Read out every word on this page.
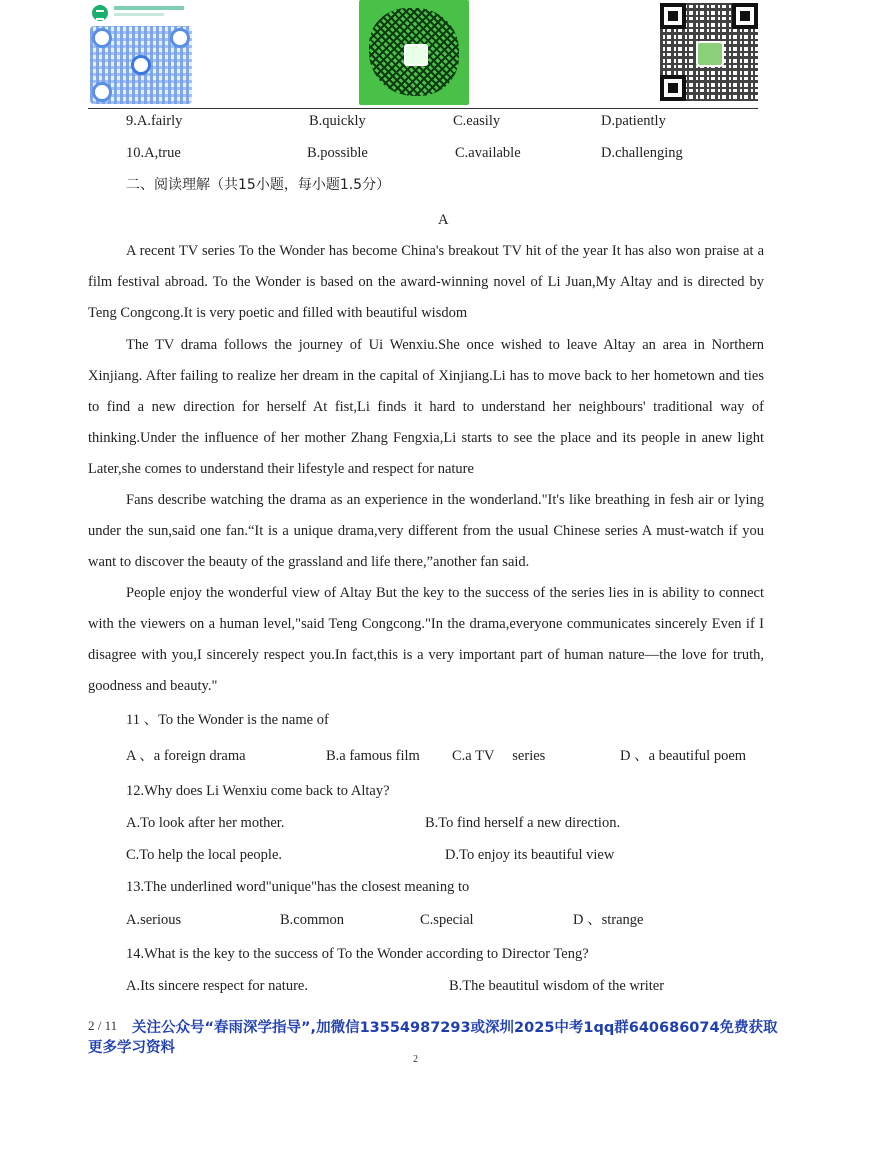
9.A.fairly	B.quickly	C.easily	D.patiently
10.A,true	B.possible	C.available	D.challenging
二、阅读理解（共15小题，每小题1.5分）
A
A recent TV series To the Wonder has become China's breakout TV hit of the year It has also won praise at a film festival abroad. To the Wonder is based on the award-winning novel of Li Juan,My Altay and is directed by Teng Congcong.It is very poetic and filled with beautiful wisdom
The TV drama follows the journey of Ui Wenxiu.She once wished to leave Altay an area in Northern Xinjiang. After failing to realize her dream in the capital of Xinjiang.Li has to move back to her hometown and ties to find a new direction for herself At fist,Li finds it hard to understand her neighbours' traditional way of thinking.Under the influence of her mother Zhang Fengxia,Li starts to see the place and its people in anew light Later,she comes to understand their lifestyle and respect for nature
Fans describe watching the drama as an experience in the wonderland."It's like breathing in fesh air or lying under the sun,said one fan.“It is a unique drama,very different from the usual Chinese series A must-watch if you want to discover the beauty of the grassland and life there,”another fan said.
People enjoy the wonderful view of Altay But the key to the success of the series lies in is ability to connect with the viewers on a human level,"said Teng Congcong."In the drama,everyone communicates sincerely Even if I disagree with you,I sincerely respect you.In fact,this is a very important part of human nature—the love for truth, goodness and beauty."
11 、To the Wonder is the name of
A 、a foreign drama	B.a famous film C.a TV     series	D 、a beautiful poem
12.Why does Li Wenxiu come back to Altay?
A.To look after her mother.	B.To find herself a new direction.
C.To help the local people.	D.To enjoy its beautiful view
13.The underlined word"unique"has the closest meaning to
A.serious	B.common	C.special	D 、strange
14.What is the key to the success of To the Wonder according to Director Teng?
A.Its sincere respect for nature.	B.The beautitul wisdom of the writer
2 / 11 关注公众号“春雨深学指导”,加微信13554987293或深圳2025中考1qq群640686074免费获取
更多学习资料
2
